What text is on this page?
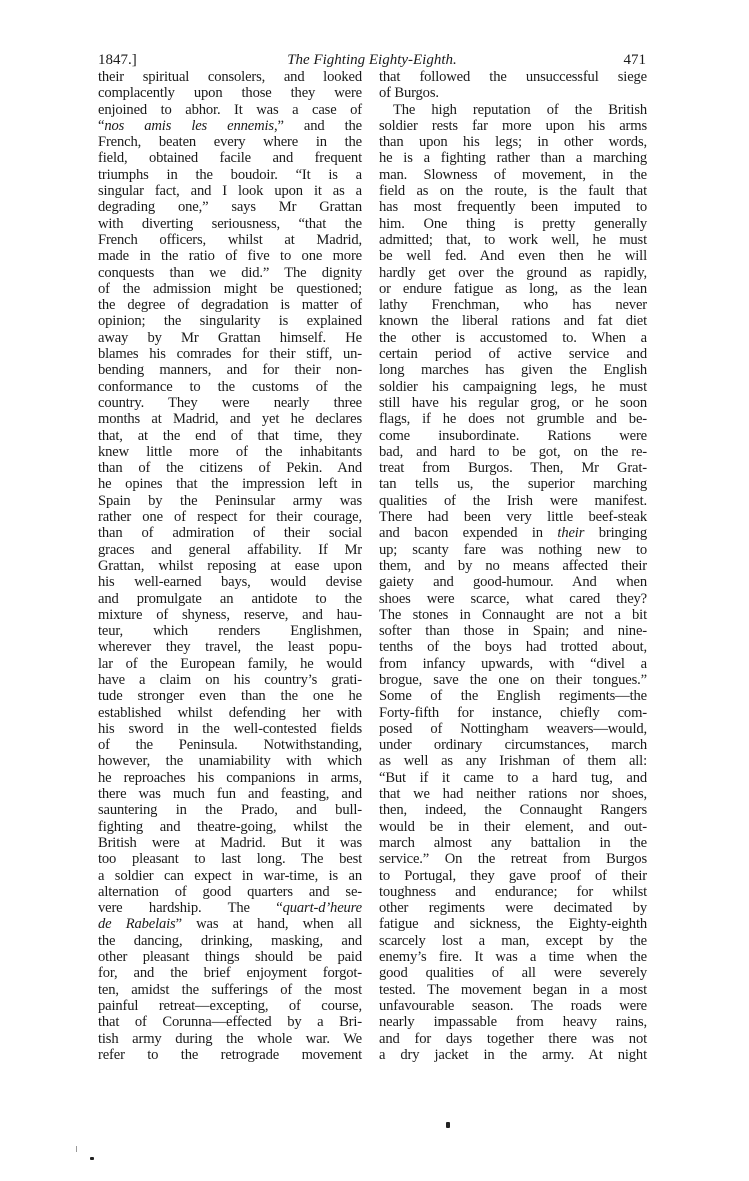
1847.]	The Fighting Eighty-Eighth.	471
their spiritual consolers, and looked
complacently upon those they were
enjoined to abhor. It was a case of
“nos amis les ennemis,” and the
French, beaten every where in the
field, obtained facile and frequent
triumphs in the boudoir. “It is a
singular fact, and I look upon it as a
degrading one,” says Mr Grattan
with diverting seriousness, “that the
French officers, whilst at Madrid,
made in the ratio of five to one more
conquests than we did.” The dignity
of the admission might be questioned;
the degree of degradation is matter of
opinion; the singularity is explained
away by Mr Grattan himself. He
blames his comrades for their stiff, un-
bending manners, and for their non-
conformance to the customs of the
country. They were nearly three
months at Madrid, and yet he declares
that, at the end of that time, they
knew little more of the inhabitants
than of the citizens of Pekin. And
he opines that the impression left in
Spain by the Peninsular army was
rather one of respect for their courage,
than of admiration of their social
graces and general affability. If Mr
Grattan, whilst reposing at ease upon
his well-earned bays, would devise
and promulgate an antidote to the
mixture of shyness, reserve, and hau-
teur, which renders Englishmen,
wherever they travel, the least popu-
lar of the European family, he would
have a claim on his country’s grati-
tude stronger even than the one he
established whilst defending her with
his sword in the well-contested fields
of the Peninsula. Notwithstanding,
however, the unamiability with which
he reproaches his companions in arms,
there was much fun and feasting, and
sauntering in the Prado, and bull-
fighting and theatre-going, whilst the
British were at Madrid. But it was
too pleasant to last long. The best
a soldier can expect in war-time, is an
alternation of good quarters and se-
vere hardship. The “quart-d’heure
de Rabelais” was at hand, when all
the dancing, drinking, masking, and
other pleasant things should be paid
for, and the brief enjoyment forgot-
ten, amidst the sufferings of the most
painful retreat—excepting, of course,
that of Corunna—effected by a Bri-
tish army during the whole war. We
refer to the retrograde movement
that followed the unsuccessful siege
of Burgos.
The high reputation of the British
soldier rests far more upon his arms
than upon his legs; in other words,
he is a fighting rather than a marching
man. Slowness of movement, in the
field as on the route, is the fault that
has most frequently been imputed to
him. One thing is pretty generally
admitted; that, to work well, he must
be well fed. And even then he will
hardly get over the ground as rapidly,
or endure fatigue as long, as the lean
lathy Frenchman, who has never
known the liberal rations and fat diet
the other is accustomed to. When a
certain period of active service and
long marches has given the English
soldier his campaigning legs, he must
still have his regular grog, or he soon
flags, if he does not grumble and be-
come insubordinate. Rations were
bad, and hard to be got, on the re-
treat from Burgos. Then, Mr Grat-
tan tells us, the superior marching
qualities of the Irish were manifest.
There had been very little beef-steak
and bacon expended in their bringing
up; scanty fare was nothing new to
them, and by no means affected their
gaiety and good-humour. And when
shoes were scarce, what cared they?
The stones in Connaught are not a bit
softer than those in Spain; and nine-
tenths of the boys had trotted about,
from infancy upwards, with “divel a
brogue, save the one on their tongues.”
Some of the English regiments—the
Forty-fifth for instance, chiefly com-
posed of Nottingham weavers—would,
under ordinary circumstances, march
as well as any Irishman of them all:
“But if it came to a hard tug, and
that we had neither rations nor shoes,
then, indeed, the Connaught Rangers
would be in their element, and out-
march almost any battalion in the
service.” On the retreat from Burgos
to Portugal, they gave proof of their
toughness and endurance; for whilst
other regiments were decimated by
fatigue and sickness, the Eighty-eighth
scarcely lost a man, except by the
enemy’s fire. It was a time when the
good qualities of all were severely
tested. The movement began in a most
unfavourable season. The roads were
nearly impassable from heavy rains,
and for days together there was not
a dry jacket in the army. At night
